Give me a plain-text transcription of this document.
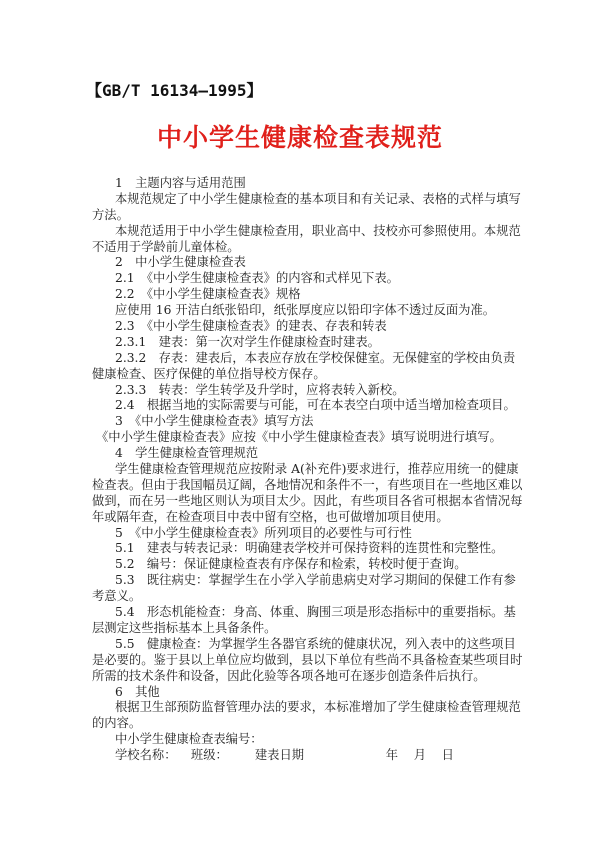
【GB/T 16134—1995】
中小学生健康检查表规范
1　主题内容与适用范围
本规范规定了中小学生健康检查的基本项目和有关记录、表格的式样与填写
方法。
本规范适用于中小学生健康检查用，职业高中、技校亦可参照使用。本规范
不适用于学龄前儿童体检。
2　中小学生健康检查表
2.1　《中小学生健康检查表》的内容和式样见下表。
2.2　《中小学生健康检查表》规格
应使用 16 开洁白纸张铅印，纸张厚度应以铅印字体不透过反面为准。
2.3　《中小学生健康检查表》的建表、存表和转表
2.3.1　建表：第一次对学生作健康检查时建表。
2.3.2　存表：建表后，本表应存放在学校保健室。无保健室的学校由负责
健康检查、医疗保健的单位指导校方保存。
2.3.3　转表：学生转学及升学时，应将表转入新校。
2.4　根据当地的实际需要与可能，可在本表空白项中适当增加检查项目。
3　《中小学生健康检查表》填写方法
《中小学生健康检查表》应按《中小学生健康检查表》填写说明进行填写。
4　学生健康检查管理规范
学生健康检查管理规范应按附录 A(补充件)要求进行，推荐应用统一的健康
检查表。但由于我国幅员辽阔，各地情况和条件不一，有些项目在一些地区难以
做到，而在另一些地区则认为项目太少。因此，有些项目各省可根据本省情况每
年或隔年查，在检查项目中表中留有空格，也可做增加项目使用。
5　《中小学生健康检查表》所列项目的必要性与可行性
5.1　建表与转表记录：明确建表学校并可保持资料的连贯性和完整性。
5.2　编号：保证健康检查表有序保存和检索，转校时便于查询。
5.3　既往病史：掌握学生在小学入学前患病史对学习期间的保健工作有参
考意义。
5.4　形态机能检查：身高、体重、胸围三项是形态指标中的重要指标。基
层测定这些指标基本上具备条件。
5.5　健康检查：为掌握学生各器官系统的健康状况，列入表中的这些项目
是必要的。鉴于县以上单位应均做到，县以下单位有些尚不具备检查某些项目时
所需的技术条件和设备，因此化验等各项各地可在逐步创造条件后执行。
6　其他
根据卫生部预防监督管理办法的要求，本标准增加了学生健康检查管理规范
的内容。
中小学生健康检查表编号：
学校名称： 班级： 建表日期	年 月 日
